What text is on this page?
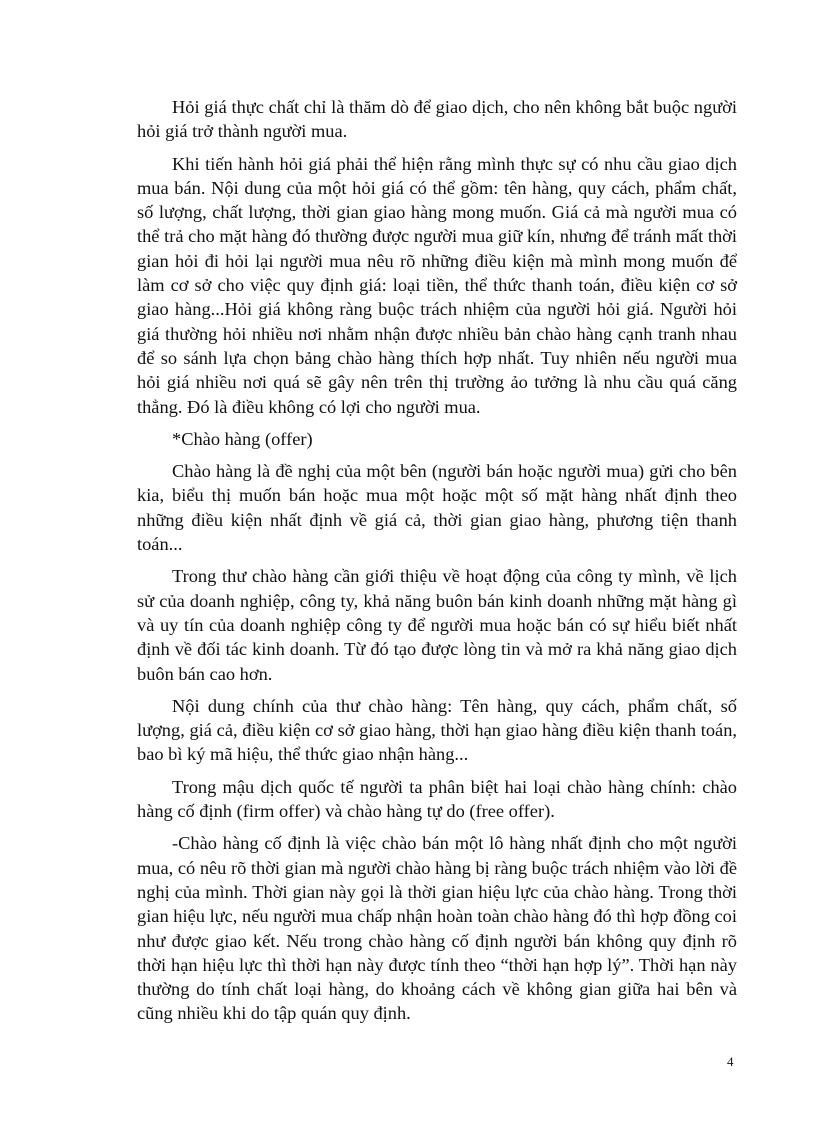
Hỏi giá thực chất chỉ là thăm dò để giao dịch, cho nên không bắt buộc người hỏi giá trở thành người mua.

Khi tiến hành hỏi giá phải thể hiện rằng mình thực sự có nhu cầu giao dịch mua bán. Nội dung của một hỏi giá có thể gồm: tên hàng, quy cách, phẩm chất, số lượng, chất lượng, thời gian giao hàng mong muốn. Giá cả mà người mua có thể trả cho mặt hàng đó thường được người mua giữ kín, nhưng để tránh mất thời gian hỏi đi hỏi lại người mua nêu rõ những điều kiện mà mình mong muốn để làm cơ sở cho việc quy định giá: loại tiền, thể thức thanh toán, điều kiện cơ sở giao hàng...Hỏi giá không ràng buộc trách nhiệm của người hỏi giá. Người hỏi giá thường hỏi nhiều nơi nhằm nhận được nhiều bản chào hàng cạnh tranh nhau để so sánh lựa chọn bảng chào hàng thích hợp nhất. Tuy nhiên nếu người mua hỏi giá nhiều nơi quá sẽ gây nên trên thị trường ảo tưởng là nhu cầu quá căng thẳng. Đó là điều không có lợi cho người mua.

*Chào hàng (offer)

Chào hàng là đề nghị của một bên (người bán hoặc người mua) gửi cho bên kia, biểu thị muốn bán hoặc mua một hoặc một số mặt hàng nhất định theo những điều kiện nhất định về giá cả, thời gian giao hàng, phương tiện thanh toán...

Trong thư chào hàng cần giới thiệu về hoạt động của công ty mình, về lịch sử của doanh nghiệp, công ty, khả năng buôn bán kinh doanh những mặt hàng gì và uy tín của doanh nghiệp công ty để người mua hoặc bán có sự hiểu biết nhất định về đối tác kinh doanh. Từ đó tạo được lòng tin và mở ra khả năng giao dịch buôn bán cao hơn.

Nội dung chính của thư chào hàng: Tên hàng, quy cách, phẩm chất, số lượng, giá cả, điều kiện cơ sở giao hàng, thời hạn giao hàng điều kiện thanh toán, bao bì ký mã hiệu, thể thức giao nhận hàng...

Trong mậu dịch quốc tế người ta phân biệt hai loại chào hàng chính: chào hàng cố định (firm offer) và chào hàng tự do (free offer).

-Chào hàng cố định là việc chào bán một lô hàng nhất định cho một người mua, có nêu rõ thời gian mà người chào hàng bị ràng buộc trách nhiệm vào lời đề nghị của mình. Thời gian này gọi là thời gian hiệu lực của chào hàng. Trong thời gian hiệu lực, nếu người mua chấp nhận hoàn toàn chào hàng đó thì hợp đồng coi như được giao kết. Nếu trong chào hàng cố định người bán không quy định rõ thời hạn hiệu lực thì thời hạn này được tính theo “thời hạn hợp lý”. Thời hạn này thường do tính chất loại hàng, do khoảng cách về không gian giữa hai bên và cũng nhiều khi do tập quán quy định.

4
